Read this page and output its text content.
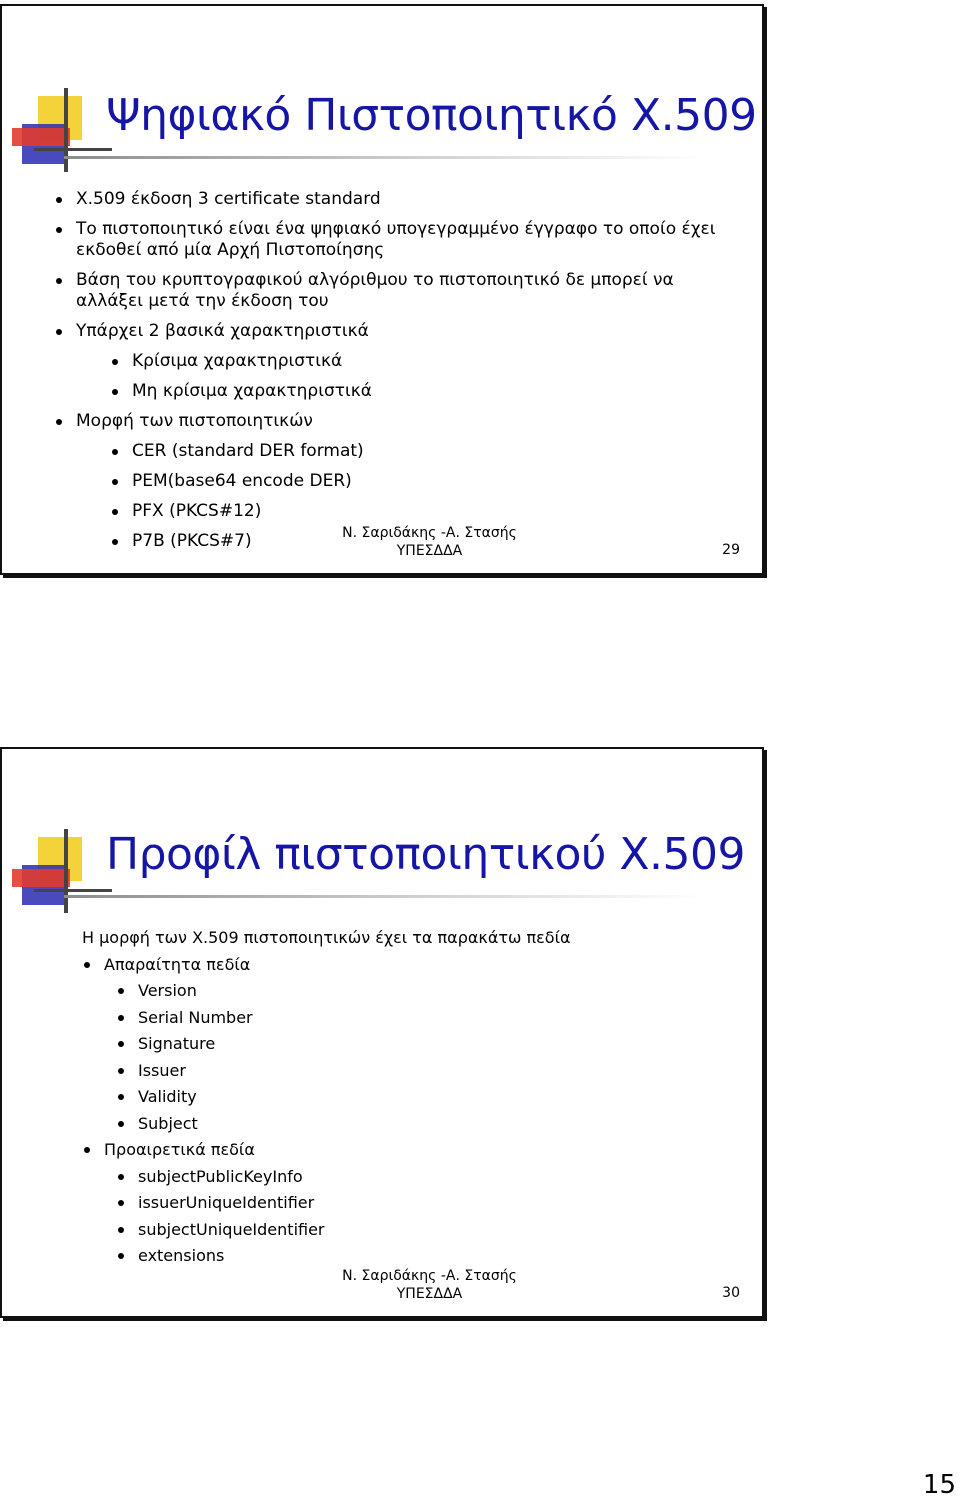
Ψηφιακό Πιστοποιητικό Χ.509
Χ.509 έκδοση 3 certificate standard
Το πιστοποιητικό είναι ένα ψηφιακό υπογεγραμμένο έγγραφο το οποίο έχει εκδοθεί από μία Αρχή Πιστοποίησης
Βάση του κρυπτογραφικού αλγόριθμου το πιστοποιητικό δε μπορεί να αλλάξει μετά την έκδοση του
Υπάρχει 2 βασικά χαρακτηριστικά
Κρίσιμα χαρακτηριστικά
Μη κρίσιμα χαρακτηριστικά
Μορφή των πιστοποιητικών
CER (standard DER format)
PEM(base64 encode DER)
PFX (PKCS#12)
P7B (PKCS#7)	Ν. Σαριδάκης -Α. Στασής
ΥΠΕΣΔΔΑ	29
Προφίλ πιστοποιητικού Χ.509
Η μορφή των Χ.509 πιστοποιητικών έχει τα παρακάτω πεδία
Απαραίτητα πεδία
Version
Serial Number
Signature
Issuer
Validity
Subject
Προαιρετικά πεδία
subjectPublicKeyInfo
issuerUniqueIdentifier
subjectUniqueIdentifier
extensions
Ν. Σαριδάκης -Α. Στασής
ΥΠΕΣΔΔΑ	30
15
